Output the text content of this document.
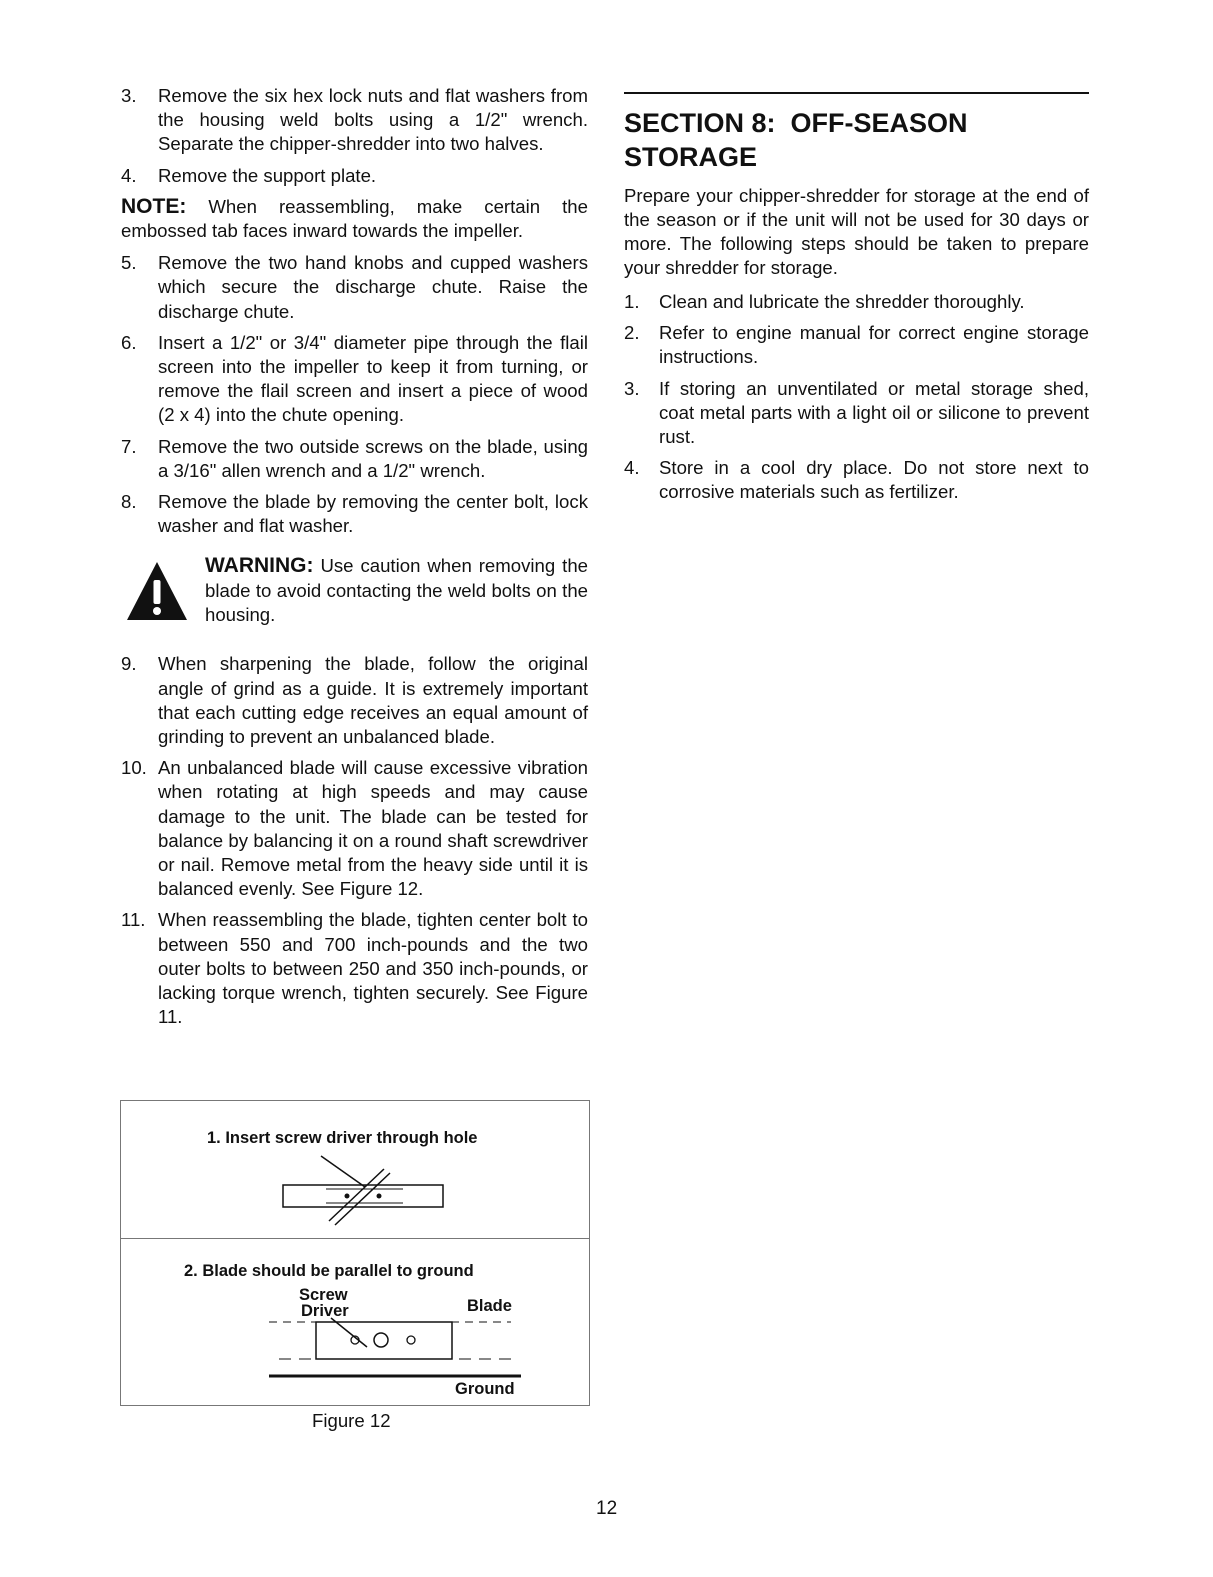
3.	Remove the six hex lock nuts and flat washers from the housing weld bolts using a 1/2" wrench. Separate the chipper-shredder into two halves.
4.	Remove the support plate.
NOTE: When reassembling, make certain the embossed tab faces inward towards the impeller.
5.	Remove the two hand knobs and cupped washers which secure the discharge chute. Raise the discharge chute.
6.	Insert a 1/2" or 3/4" diameter pipe through the flail screen into the impeller to keep it from turning, or remove the flail screen and insert a piece of wood (2 x 4) into the chute opening.
7.	Remove the two outside screws on the blade, using a 3/16" allen wrench and a 1/2" wrench.
8.	Remove the blade by removing the center bolt, lock washer and flat washer.
WARNING: Use caution when removing the blade to avoid contacting the weld bolts on the housing.
9.	When sharpening the blade, follow the original angle of grind as a guide. It is extremely important that each cutting edge receives an equal amount of grinding to prevent an unbalanced blade.
10. An unbalanced blade will cause excessive vibration when rotating at high speeds and may cause damage to the unit. The blade can be tested for balance by balancing it on a round shaft screwdriver or nail. Remove metal from the heavy side until it is balanced evenly. See Figure 12.
11. When reassembling the blade, tighten center bolt to between 550 and 700 inch-pounds and the two outer bolts to between 250 and 350 inch-pounds, or lacking torque wrench, tighten securely. See Figure 11.
1. Insert screw driver through hole
2. Blade should be parallel to ground
Screw
Driver	Blade
Ground
Figure 12
SECTION 8:  OFF-SEASON
STORAGE
Prepare your chipper-shredder for storage at the end of the season or if the unit will not be used for 30 days or more. The following steps should be taken to prepare your shredder for storage.
1.	Clean and lubricate the shredder thoroughly.
2.	Refer to engine manual for correct engine storage instructions.
3.	If storing an unventilated or metal storage shed, coat metal parts with a light oil or silicone to prevent rust.
4.	Store in a cool dry place. Do not store next to corrosive materials such as fertilizer.
12
